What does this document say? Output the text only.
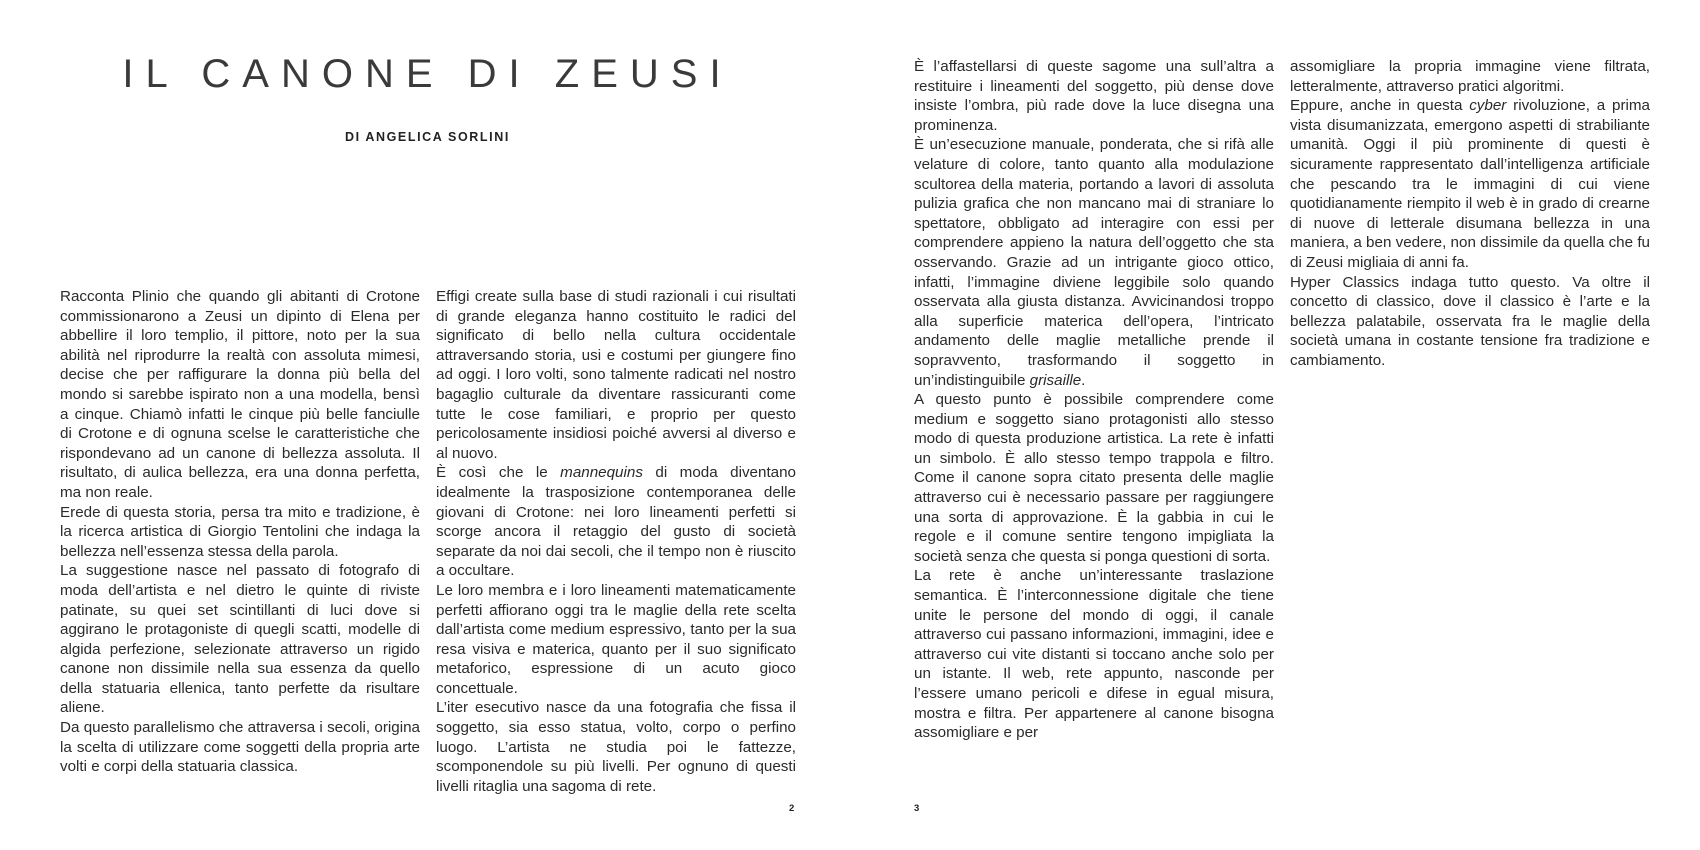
IL CANONE DI ZEUSI
DI ANGELICA SORLINI

Racconta Plinio che quando gli abitanti di Crotone commissionarono a Zeusi un dipinto di Elena per abbellire il loro templio, il pittore, noto per la sua abilità nel riprodurre la realtà con assoluta mimesi, decise che per raffigurare la donna più bella del mondo si sarebbe ispirato non a una modella, bensì a cinque. Chiamò infatti le cinque più belle fanciulle di Crotone e di ognuna scelse le caratteristiche che rispondevano ad un canone di bellezza assoluta. Il risultato, di aulica bellezza, era una donna perfetta, ma non reale.

Erede di questa storia, persa tra mito e tradizione, è la ricerca artistica di Giorgio Tentolini che indaga la bellezza nell’essenza stessa della parola.

La suggestione nasce nel passato di fotografo di moda dell’artista e nel dietro le quinte di riviste patinate, su quei set scintillanti di luci dove si aggirano le protagoniste di quegli scatti, modelle di algida perfezione, selezionate attraverso un rigido canone non dissimile nella sua essenza da quello della statuaria ellenica, tanto perfette da risultare aliene.

Da questo parallelismo che attraversa i secoli, origina la scelta di utilizzare come soggetti della propria arte volti e corpi della statuaria classica.

Effigi create sulla base di studi razionali i cui risultati di grande eleganza hanno costituito le radici del significato di bello nella cultura occidentale attraversando storia, usi e costumi per giungere fino ad oggi. I loro volti, sono talmente radicati nel nostro bagaglio culturale da diventare rassicuranti come tutte le cose familiari, e proprio per questo pericolosamente insidiosi poiché avversi al diverso e al nuovo.

È così che le mannequins di moda diventano idealmente la trasposizione contemporanea delle giovani di Crotone: nei loro lineamenti perfetti si scorge ancora il retaggio del gusto di società separate da noi dai secoli, che il tempo non è riuscito a occultare.

Le loro membra e i loro lineamenti matematicamente perfetti affiorano oggi tra le maglie della rete scelta dall’artista come medium espressivo, tanto per la sua resa visiva e materica, quanto per il suo significato metaforico, espressione di un acuto gioco concettuale.

L’iter esecutivo nasce da una fotografia che fissa il soggetto, sia esso statua, volto, corpo o perfino luogo. L’artista ne studia poi le fattezze, scomponendole su più livelli. Per ognuno di questi livelli ritaglia una sagoma di rete.

2

È l’affastellarsi di queste sagome una sull’altra a restituire i lineamenti del soggetto, più dense dove insiste l’ombra, più rade dove la luce disegna una prominenza.

È un’esecuzione manuale, ponderata, che si rifà alle velature di colore, tanto quanto alla modulazione scultorea della materia, portando a lavori di assoluta pulizia grafica che non mancano mai di straniare lo spettatore, obbligato ad interagire con essi per comprendere appieno la natura dell’oggetto che sta osservando. Grazie ad un intrigante gioco ottico, infatti, l’immagine diviene leggibile solo quando osservata alla giusta distanza. Avvicinandosi troppo alla superficie materica dell’opera, l’intricato andamento delle maglie metalliche prende il sopravvento, trasformando il soggetto in un’indistinguibile grisaille.

A questo punto è possibile comprendere come medium e soggetto siano protagonisti allo stesso modo di questa produzione artistica. La rete è infatti un simbolo. È allo stesso tempo trappola e filtro. Come il canone sopra citato presenta delle maglie attraverso cui è necessario passare per raggiungere una sorta di approvazione. È la gabbia in cui le regole e il comune sentire tengono impigliata la società senza che questa si ponga questioni di sorta.

La rete è anche un’interessante traslazione semantica. È l’interconnessione digitale che tiene unite le persone del mondo di oggi, il canale attraverso cui passano informazioni, immagini, idee e attraverso cui vite distanti si toccano anche solo per un istante. Il web, rete appunto, nasconde per l’essere umano pericoli e difese in egual misura, mostra e filtra. Per appartenere al canone bisogna assomigliare e per

assomigliare la propria immagine viene filtrata, letteralmente, attraverso pratici algoritmi.

Eppure, anche in questa cyber rivoluzione, a prima vista disumanizzata, emergono aspetti di strabiliante umanità. Oggi il più prominente di questi è sicuramente rappresentato dall’intelligenza artificiale che pescando tra le immagini di cui viene quotidianamente riempito il web è in grado di crearne di nuove di letterale disumana bellezza in una maniera, a ben vedere, non dissimile da quella che fu di Zeusi migliaia di anni fa.

Hyper Classics indaga tutto questo. Va oltre il concetto di classico, dove il classico è l’arte e la bellezza palatabile, osservata fra le maglie della società umana in costante tensione fra tradizione e cambiamento.

3
